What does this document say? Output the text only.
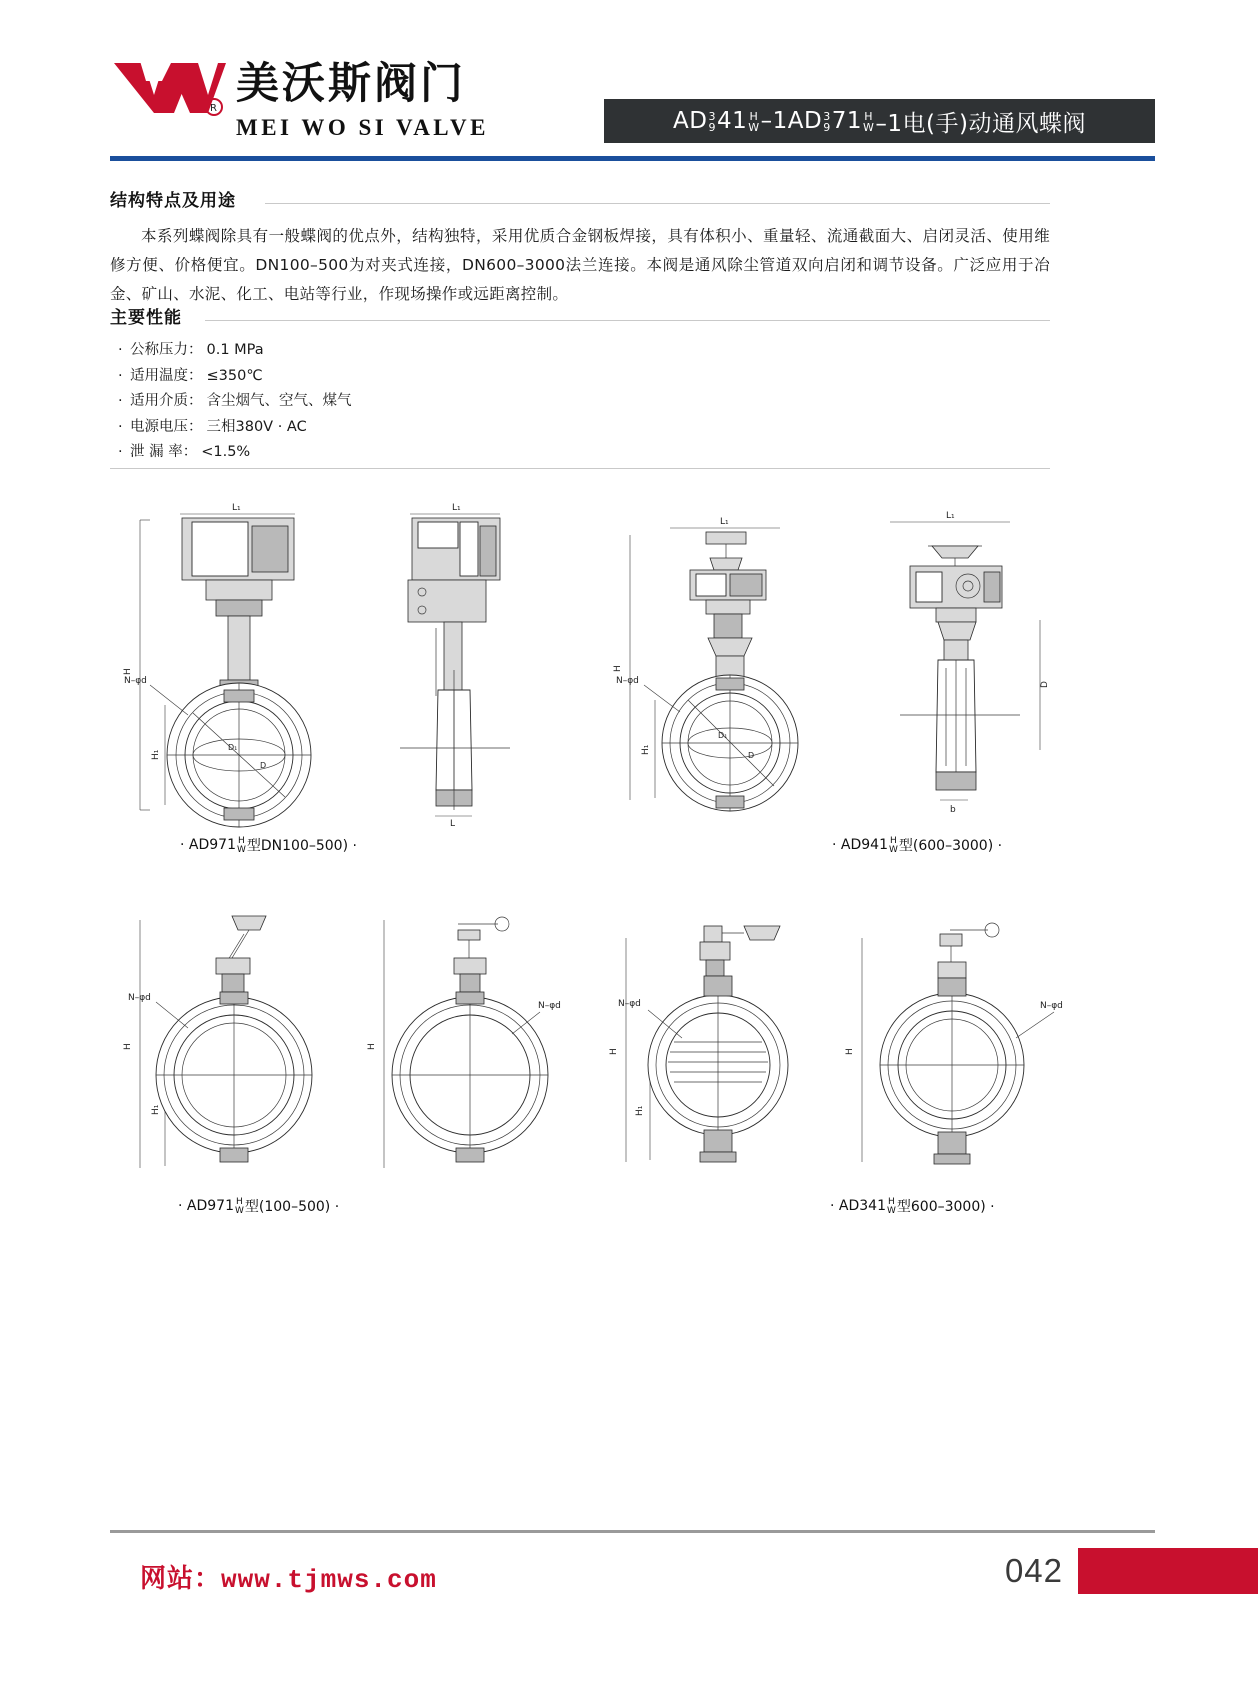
R 美沃斯阀门
MEI WO SI VALVE	AD 3
9 41 H
W –1AD 3
9 71 H
W –1电(手)动通风蝶阀
结构特点及用途

本系列蝶阀除具有一般蝶阀的优点外，结构独特，采用优质合金钢板焊接，具有体积小、重量轻、流通截面大、启闭灵活、使用维修方便、价格便宜。DN100–500为对夹式连接，DN600–3000法兰连接。本阀是通风除尘管道双向启闭和调节设备。广泛应用于冶金、矿山、水泥、化工、电站等行业，作现场操作或远距离控制。

主要性能
· 公称压力： 0.1 MPa
· 适用温度： ≤350℃
· 适用介质： 含尘烟气、空气、煤气
· 电源电压： 三相380V · AC
· 泄 漏 率： <1.5%
H
H₁
L₁
D₁
D
N–φd
· AD971 H
W 型DN100–500) ·
L₁
L
H
H₁
L₁
D₁
D
N–φd
· AD941 H
W 型(600–3000) ·
L₁
D
b
H
H₁
N–φd
· AD971 H
W 型(100–500) ·
H
N–φd
H
H₁
N–φd
· AD341 H
W 型600–3000) ·
H
N–φd
网站：www.tjmws.com	042
